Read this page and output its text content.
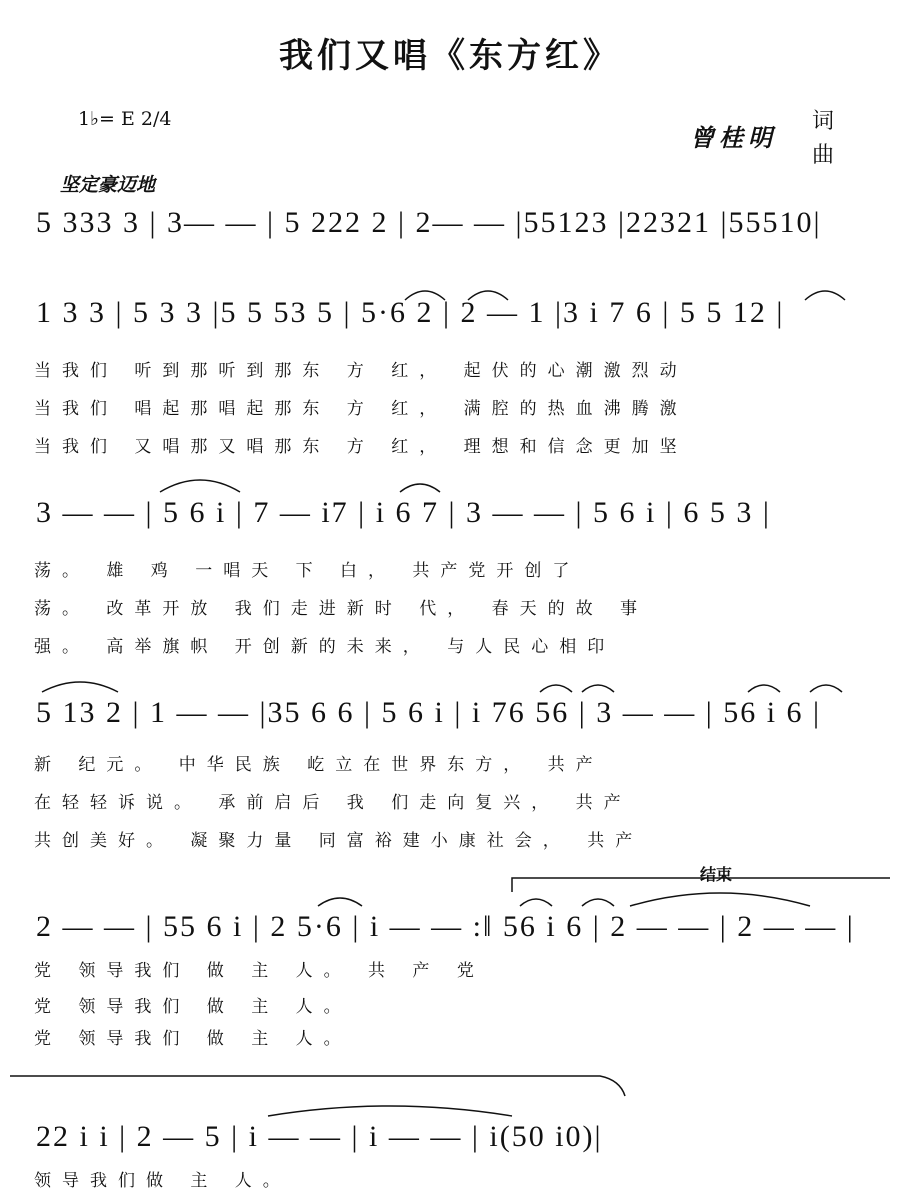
我们又唱《东方红》
1♭= E 2/4
曾桂明
词
曲
坚定豪迈地
5 333 3 | 3— — | 5 222 2 | 2— — |55123 |22321 |55510|
1 3 3 | 5 3 3 |5 5 53 5 | 5·6 2 | 2 — 1 |3 i 7 6 | 5 5 12 |
当我们 听到那听到那东 方 红， 起伏的心潮激烈动
当我们 唱起那唱起那东 方 红， 满腔的热血沸腾激
当我们 又唱那又唱那东 方 红， 理想和信念更加坚
3 — — | 5 6 i | 7 — i7 | i 6 7 | 3 — — | 5 6 i | 6 5 3 |
荡。 雄 鸡 一唱天 下 白， 共产党开创了
荡。 改革开放 我们走进新时 代， 春天的故 事
强。 高举旗帜 开创新的未来， 与人民心相印
5 13 2 | 1 — — |35 6 6 | 5 6 i | i 76 56 | 3 — — | 56 i 6 |
新 纪元。 中华民族 屹立在世界东方， 共产
在轻轻诉说。 承前启后 我 们走向复兴， 共产
共创美好。 凝聚力量 同富裕建小康社会， 共产
结束
2 — — | 55 6 i | 2 5·6 | i — — :‖ 56 i 6 | 2 — — | 2 — — |
党 领导我们 做 主 人。 共 产 党
党 领导我们 做 主 人。
党 领导我们 做 主 人。
22 i i | 2 — 5 | i — — | i — — | i(50 i0)|
领导我们做 主 人。
